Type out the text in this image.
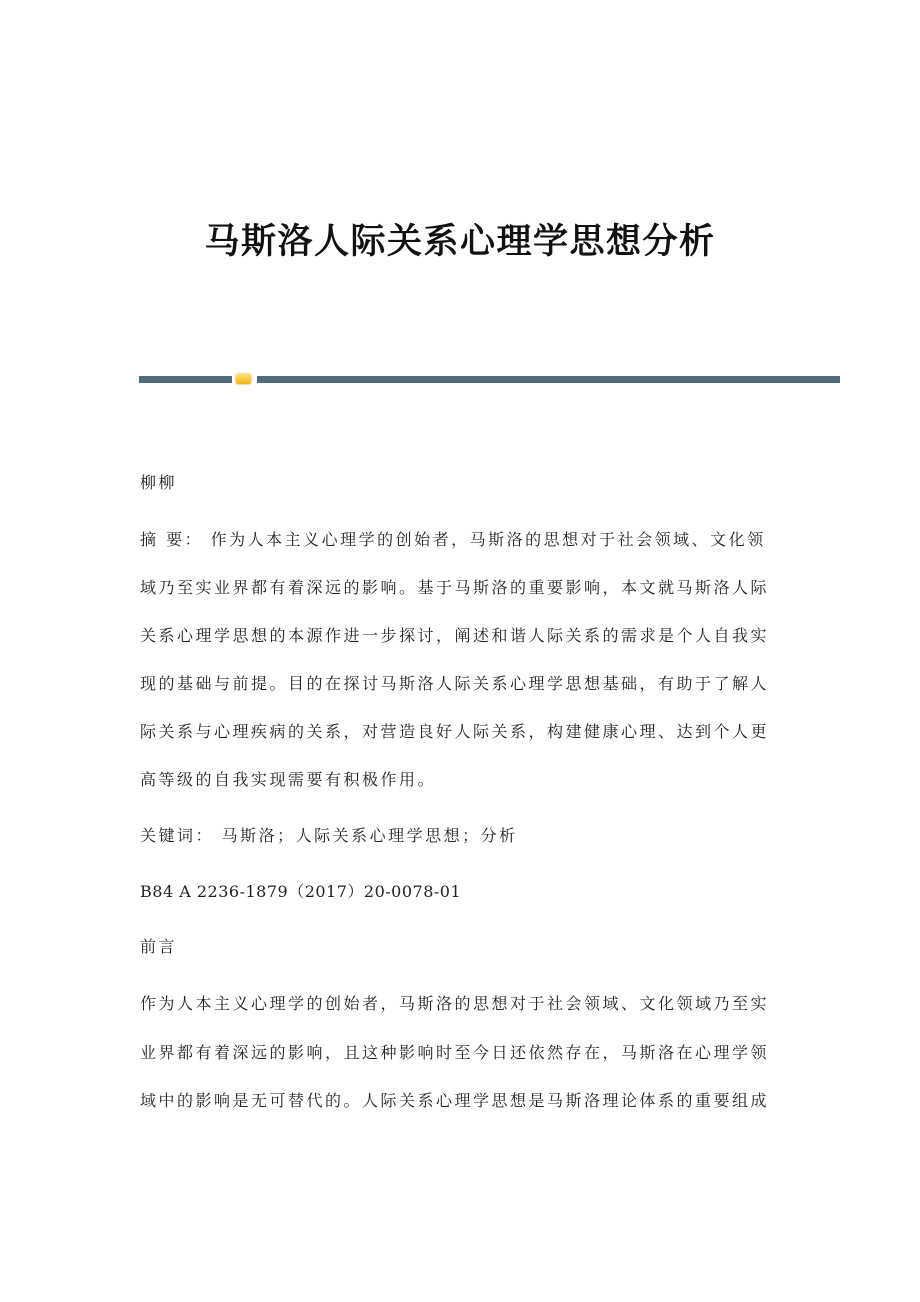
马斯洛人际关系心理学思想分析
柳柳
摘 要： 作为人本主义心理学的创始者，马斯洛的思想对于社会领域、文化领
域乃至实业界都有着深远的影响。基于马斯洛的重要影响，本文就马斯洛人际
关系心理学思想的本源作进一步探讨，阐述和谐人际关系的需求是个人自我实
现的基础与前提。目的在探讨马斯洛人际关系心理学思想基础，有助于了解人
际关系与心理疾病的关系，对营造良好人际关系，构建健康心理、达到个人更
高等级的自我实现需要有积极作用。
关键词： 马斯洛；人际关系心理学思想；分析
B84 A 2236-1879（2017）20-0078-01
前言
作为人本主义心理学的创始者，马斯洛的思想对于社会领域、文化领域乃至实
业界都有着深远的影响，且这种影响时至今日还依然存在，马斯洛在心理学领
域中的影响是无可替代的。人际关系心理学思想是马斯洛理论体系的重要组成
